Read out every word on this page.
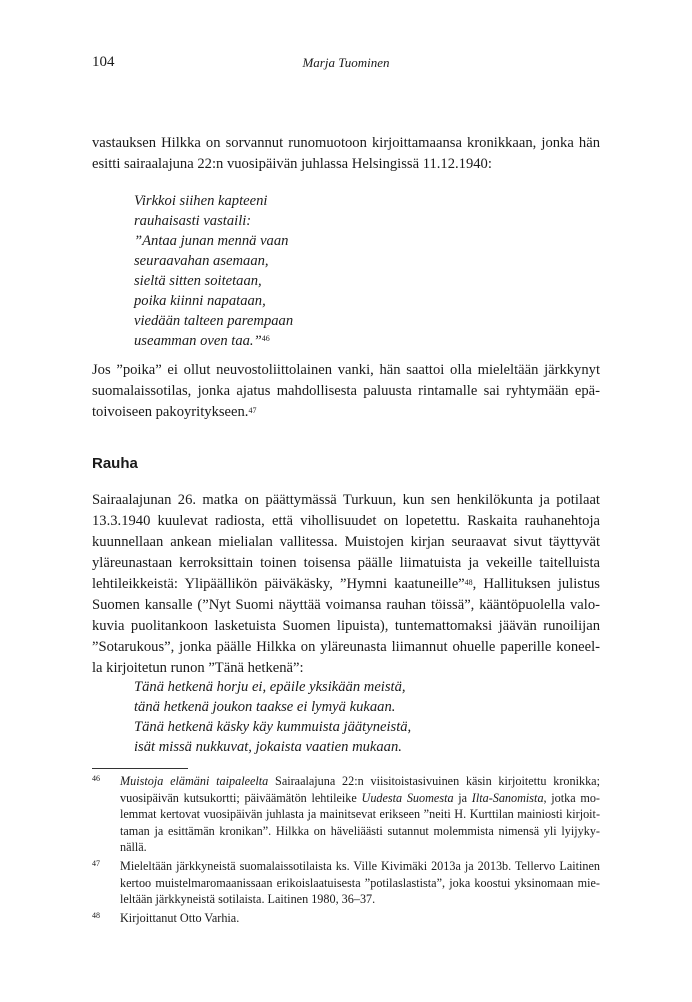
104	Marja Tuominen
vastauksen Hilkka on sorvannut runomuotoon kirjoittamaansa kronikkaan, jonka hän
esitti sairaalajuna 22:n vuosipäivän juhlassa Helsingissä 11.12.1940:
Virkkoi siihen kapteeni
rauhaisasti vastaili:
”Antaa junan mennä vaan
seuraavahan asemaan,
sieltä sitten soitetaan,
poika kiinni napataan,
viedään talteen parempaan
useamman oven taa.”$^{46}$
Jos ”poika” ei ollut neuvostoliittolainen vanki, hän saattoi olla mieleltään järkkynyt
suomalaissotilas, jonka ajatus mahdollisesta paluusta rintamalle sai ryhtymään epä-
toivoiseen pakoyritykseen.$^{47}$
Rauha
Sairaalajunan 26. matka on päättymässä Turkuun, kun sen henkilökunta ja potilaat
13.3.1940 kuulevat radiosta, että vihollisuudet on lopetettu. Raskaita rauhanehtoja
kuunnellaan ankean mielialan vallitessa. Muistojen kirjan seuraavat sivut täyttyvät
yläreunastaan kerroksittain toinen toisensa päälle liimatuista ja vekeille taitelluista
lehtileikkeistä: Ylipäällikön päiväkäsky, ”Hymni kaatuneille”$^{48}$, Hallituksen julistus
Suomen kansalle (”Nyt Suomi näyttää voimansa rauhan töissä”, kääntöpuolella valo-
kuvia puolitankoon lasketuista Suomen lipuista), tuntemattomaksi jäävän runoilijan
”Sotarukous”, jonka päälle Hilkka on yläreunasta liimannut ohuelle paperille koneel-
la kirjoitetun runon ”Tänä hetkenä”:
Tänä hetkenä horju ei, epäile yksikään meistä,
tänä hetkenä joukon taakse ei lymyä kukaan.
Tänä hetkenä käsky käy kummuista jäätyneistä,
isät missä nukkuvat, jokaista vaatien mukaan.
46 Muistoja elämäni taipaleelta Sairaalajuna 22:n viisitoistasivuinen käsin kirjoitettu kronikka;
vuosipäivän kutsukortti; päiväämätön lehtileike Uudesta Suomesta ja Ilta-Sanomista, jotka mo-
lemmat kertovat vuosipäivän juhlasta ja mainitsevat erikseen ”neiti H. Kurttilan mainiosti kirjoit-
taman ja esittämän kronikan”. Hilkka on häveliäästi sutannut molemmista nimensä yli lyijyky-
nällä.
47 Mieleltään järkkyneistä suomalaissotilaista ks. Ville Kivimäki 2013a ja 2013b. Tellervo Laitinen
kertoo muistelmaromaanissaan erikoislaatuisesta ”potilaslastista”, joka koostui yksinomaan mie-
leltään järkkyneistä sotilaista. Laitinen 1980, 36–37.
48 Kirjoittanut Otto Varhia.
